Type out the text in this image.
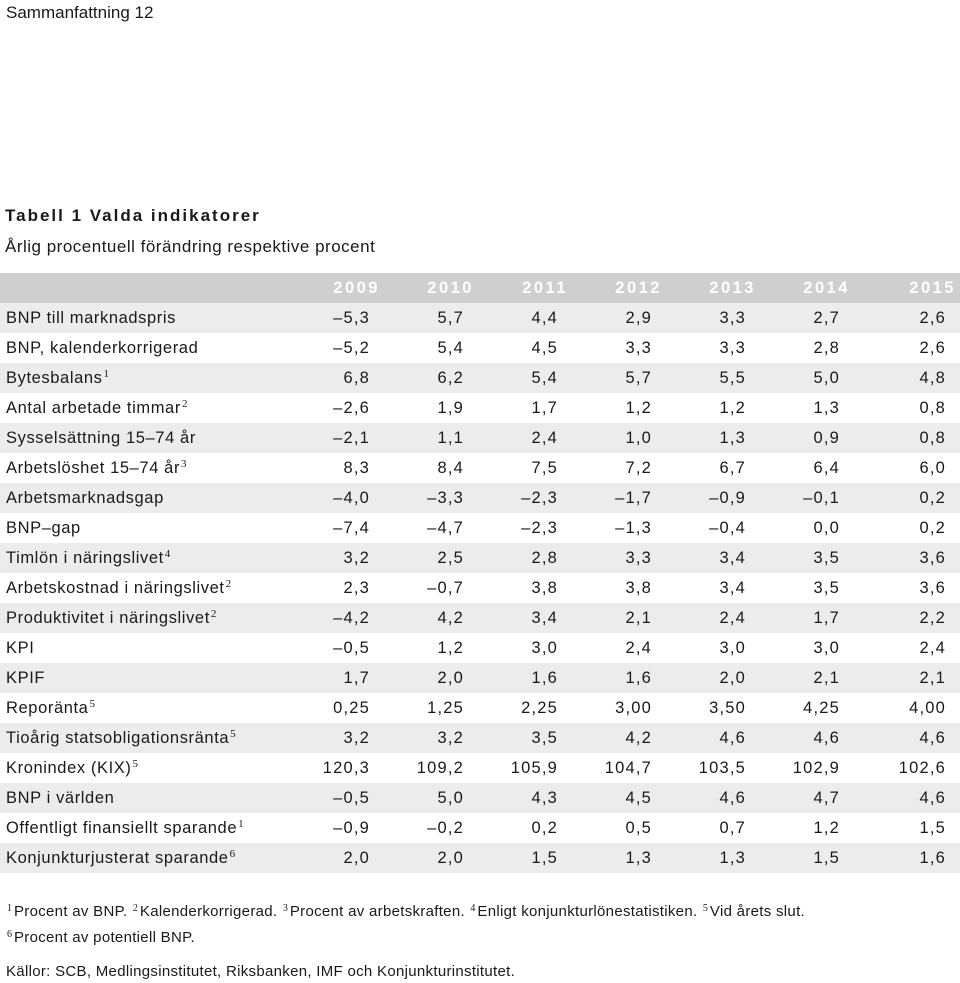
Sammanfattning 12
Tabell 1 Valda indikatorer
Årlig procentuell förändring respektive procent
	2009	2010	2011	2012	2013	2014	2015
BNP till marknadspris	–5,3	5,7	4,4	2,9	3,3	2,7	2,6
BNP, kalenderkorrigerad	–5,2	5,4	4,5	3,3	3,3	2,8	2,6
Bytesbalans$^1$	6,8	6,2	5,4	5,7	5,5	5,0	4,8
Antal arbetade timmar$^2$	–2,6	1,9	1,7	1,2	1,2	1,3	0,8
Sysselsättning 15–74 år	–2,1	1,1	2,4	1,0	1,3	0,9	0,8
Arbetslöshet 15–74 $år^3$	8,3	8,4	7,5	7,2	6,7	6,4	6,0
Arbetsmarknadsgap	–4,0	–3,3	–2,3	–1,7	–0,9	–0,1	0,2
BNP–gap	–7,4	–4,7	–2,3	–1,3	–0,4	0,0	0,2
Timlön i näringslivet$^4$	3,2	2,5	2,8	3,3	3,4	3,5	3,6
Arbetskostnad i näringslivet$^2$	2,3	–0,7	3,8	3,8	3,4	3,5	3,6
Produktivitet i näringslivet$^2$	–4,2	4,2	3,4	2,1	2,4	1,7	2,2
KPI	–0,5	1,2	3,0	2,4	3,0	3,0	2,4
KPIF	1,7	2,0	1,6	1,6	2,0	2,1	2,1
Reporänta$^5$	0,25	1,25	2,25	3,00	3,50	4,25	4,00
Tioårig statsobligationsränta$^5$	3,2	3,2	3,5	4,2	4,6	4,6	4,6
Kronindex (KIX)$^5$	120,3	109,2	105,9	104,7	103,5	102,9	102,6
BNP i världen	–0,5	5,0	4,3	4,5	4,6	4,7	4,6
Offentligt finansiellt sparande$^1$	–0,9	–0,2	0,2	0,5	0,7	1,2	1,5
Konjunkturjusterat sparande$^6$	2,0	2,0	1,5	1,3	1,3	1,5	1,6
$^1$ Procent av BNP. $^2$ Kalenderkorrigerad. $^3$ Procent av arbetskraften. $^4$ Enligt konjunkturlönestatistiken. $^5$ Vid årets slut.
$^6$ Procent av potentiell BNP.
Källor: SCB, Medlingsinstitutet, Riksbanken, IMF och Konjunkturinstitutet.
